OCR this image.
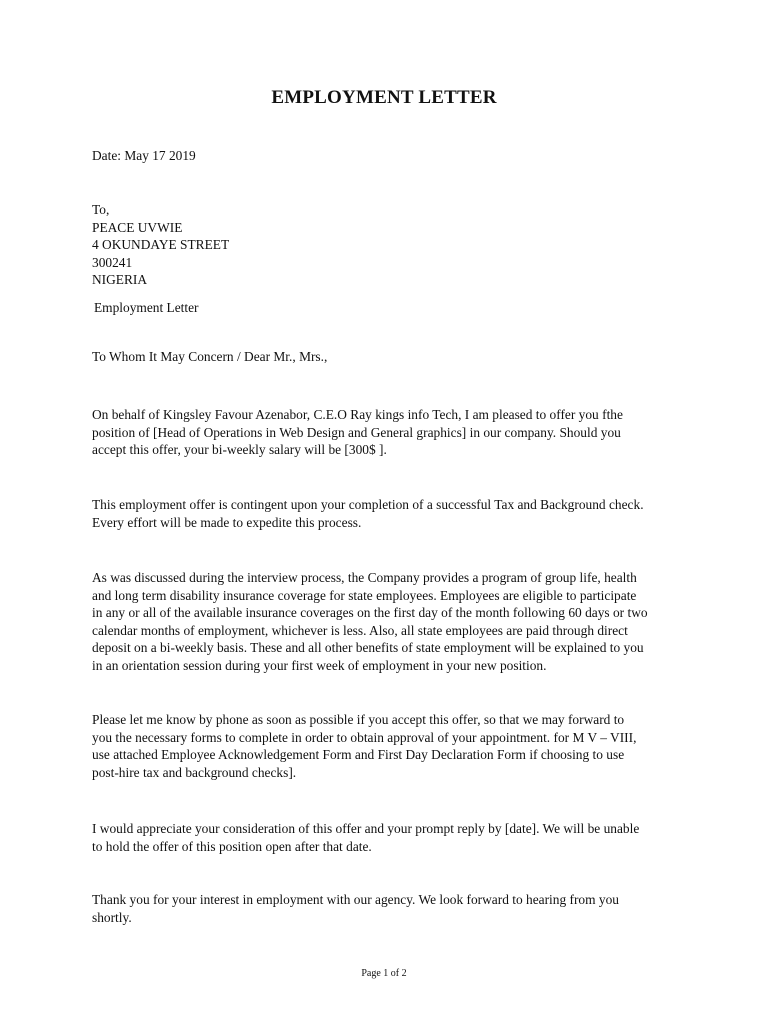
EMPLOYMENT LETTER
Date: May 17 2019
To,
PEACE UVWIE
4 OKUNDAYE STREET
300241
NIGERIA
Employment Letter
To Whom It May Concern / Dear Mr., Mrs.,
On behalf of Kingsley Favour Azenabor, C.E.O Ray kings info Tech, I am pleased to offer you fthe
position of [Head of Operations in Web Design and General graphics] in our company. Should you
accept this offer, your bi-weekly salary will be [300$ ].
This employment offer is contingent upon your completion of a successful Tax and Background check.
Every effort will be made to expedite this process.
As was discussed during the interview process, the Company provides a program of group life, health
and long term disability insurance coverage for state employees. Employees are eligible to participate
in any or all of the available insurance coverages on the first day of the month following 60 days or two
calendar months of employment, whichever is less. Also, all state employees are paid through direct
deposit on a bi-weekly basis. These and all other benefits of state employment will be explained to you
in an orientation session during your first week of employment in your new position.
Please let me know by phone as soon as possible if you accept this offer, so that we may forward to
you the necessary forms to complete in order to obtain approval of your appointment. for M V – VIII,
use attached Employee Acknowledgement Form and First Day Declaration Form if choosing to use
post-hire tax and background checks].
I would appreciate your consideration of this offer and your prompt reply by [date]. We will be unable
to hold the offer of this position open after that date.
Thank you for your interest in employment with our agency. We look forward to hearing from you
shortly.
Page 1 of 2
